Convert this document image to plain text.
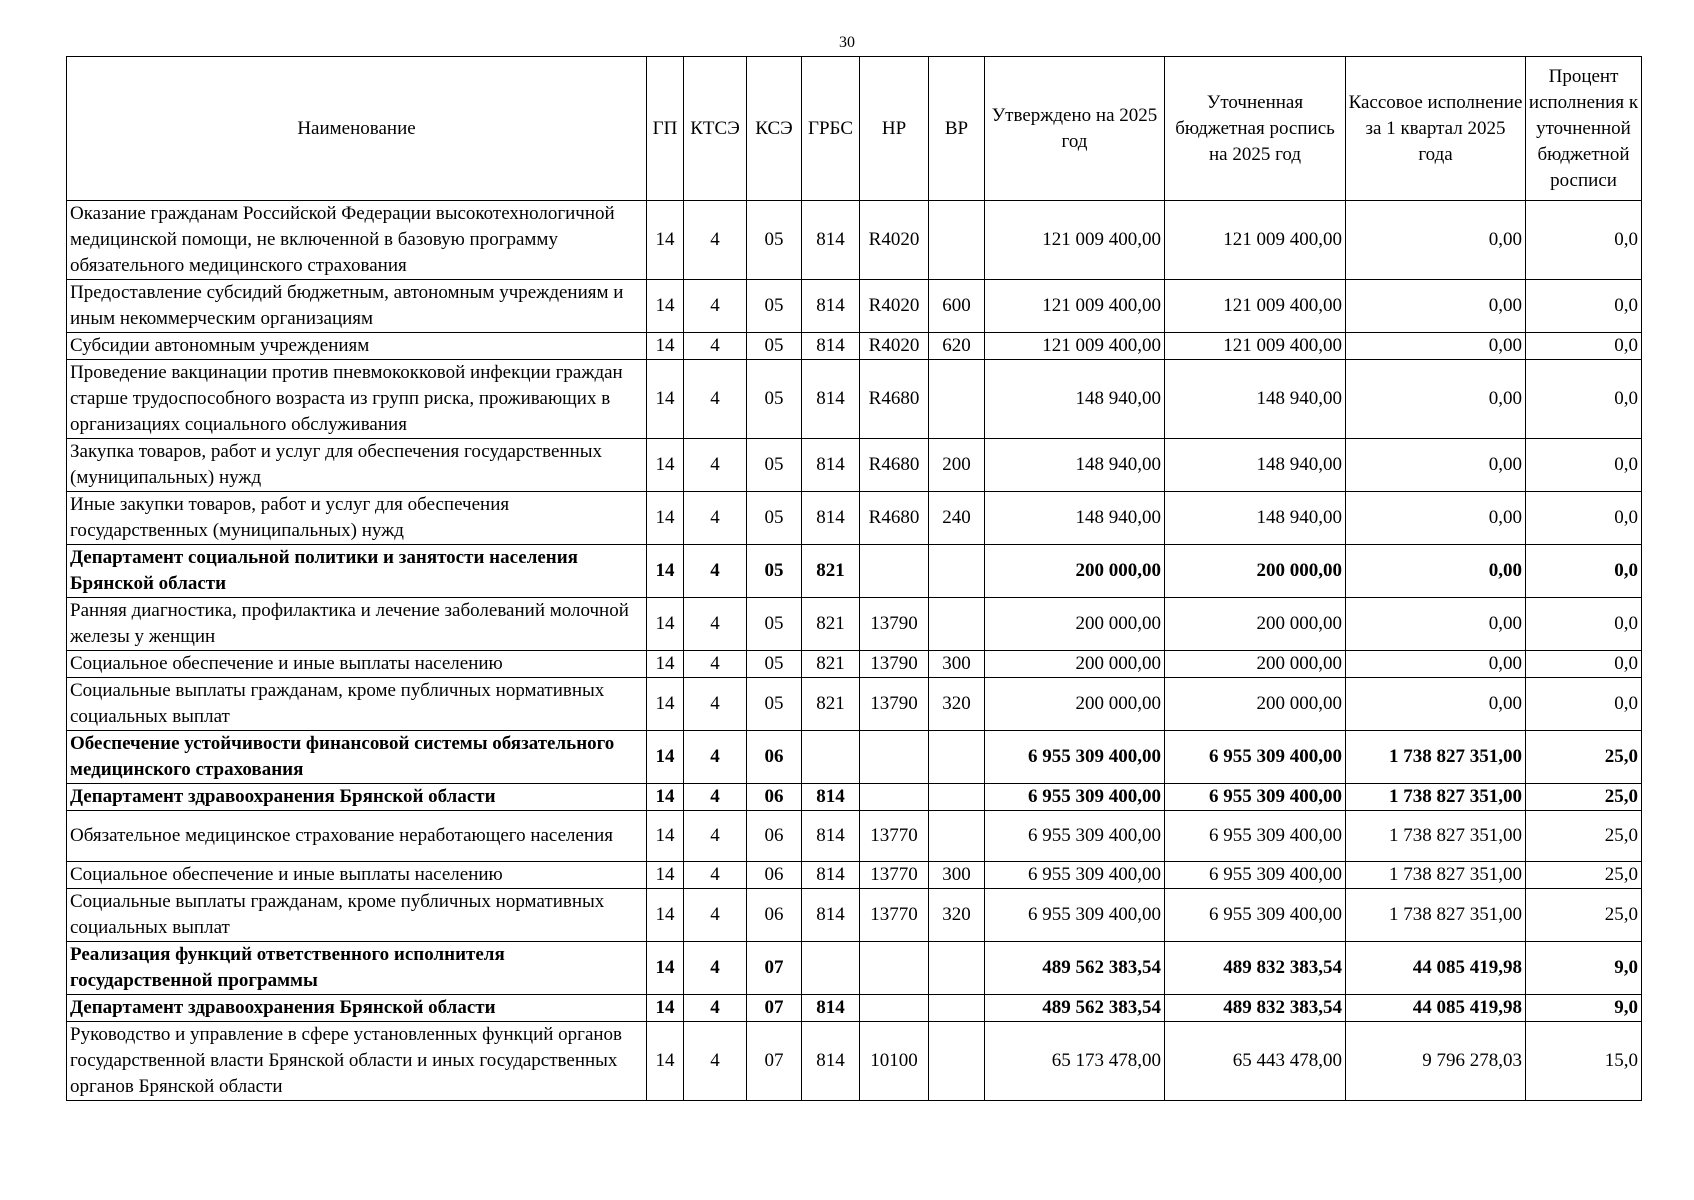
30
Наименование	ГП	КТСЭ	КСЭ	ГРБС	НР	ВР	Утверждено на 2025 год	Уточненная бюджетная роспись на 2025 год	Кассовое исполнение за 1 квартал 2025 года	Процент исполнения к уточненной бюджетной росписи
Оказание гражданам Российской Федерации высокотехнологичной медицинской помощи, не включенной в базовую программу обязательного медицинского страхования	14	4	05	814	R4020		121 009 400,00	121 009 400,00	0,00	0,0
Предоставление субсидий бюджетным, автономным учреждениям и иным некоммерческим организациям	14	4	05	814	R4020	600	121 009 400,00	121 009 400,00	0,00	0,0
Субсидии автономным учреждениям	14	4	05	814	R4020	620	121 009 400,00	121 009 400,00	0,00	0,0
Проведение вакцинации против пневмококковой инфекции граждан старше трудоспособного возраста из групп риска, проживающих в организациях социального обслуживания	14	4	05	814	R4680		148 940,00	148 940,00	0,00	0,0
Закупка товаров, работ и услуг для обеспечения государственных (муниципальных) нужд	14	4	05	814	R4680	200	148 940,00	148 940,00	0,00	0,0
Иные закупки товаров, работ и услуг для обеспечения государственных (муниципальных) нужд	14	4	05	814	R4680	240	148 940,00	148 940,00	0,00	0,0
Департамент социальной политики и занятости населения Брянской области	14	4	05	821			200 000,00	200 000,00	0,00	0,0
Ранняя диагностика, профилактика и лечение заболеваний молочной железы у женщин	14	4	05	821	13790		200 000,00	200 000,00	0,00	0,0
Социальное обеспечение и иные выплаты населению	14	4	05	821	13790	300	200 000,00	200 000,00	0,00	0,0
Социальные выплаты гражданам, кроме публичных нормативных социальных выплат	14	4	05	821	13790	320	200 000,00	200 000,00	0,00	0,0
Обеспечение устойчивости финансовой системы обязательного медицинского страхования	14	4	06				6 955 309 400,00	6 955 309 400,00	1 738 827 351,00	25,0
Департамент здравоохранения Брянской области	14	4	06	814			6 955 309 400,00	6 955 309 400,00	1 738 827 351,00	25,0
Обязательное медицинское страхование неработающего населения	14	4	06	814	13770		6 955 309 400,00	6 955 309 400,00	1 738 827 351,00	25,0
Социальное обеспечение и иные выплаты населению	14	4	06	814	13770	300	6 955 309 400,00	6 955 309 400,00	1 738 827 351,00	25,0
Социальные выплаты гражданам, кроме публичных нормативных социальных выплат	14	4	06	814	13770	320	6 955 309 400,00	6 955 309 400,00	1 738 827 351,00	25,0
Реализация функций ответственного исполнителя государственной программы	14	4	07				489 562 383,54	489 832 383,54	44 085 419,98	9,0
Департамент здравоохранения Брянской области	14	4	07	814			489 562 383,54	489 832 383,54	44 085 419,98	9,0
Руководство и управление в сфере установленных функций органов государственной власти Брянской области и иных государственных органов Брянской области	14	4	07	814	10100		65 173 478,00	65 443 478,00	9 796 278,03	15,0
